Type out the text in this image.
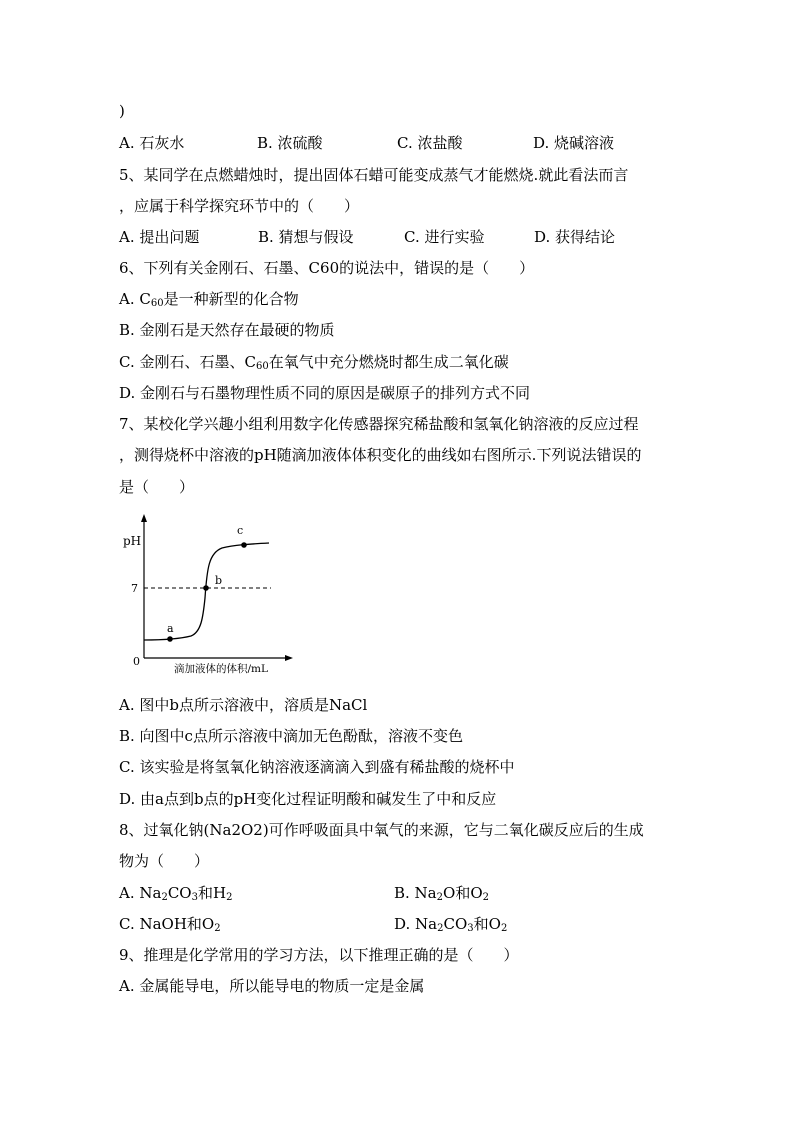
)
A. 石灰水	B. 浓硫酸	C. 浓盐酸	D. 烧碱溶液
5、某同学在点燃蜡烛时，提出固体石蜡可能变成蒸气才能燃烧.就此看法而言
，应属于科学探究环节中的（　　）
A. 提出问题	B. 猜想与假设	C. 进行实验	D. 获得结论
6、下列有关金刚石、石墨、C60的说法中，错误的是（　　）
A. $C_{60}$是一种新型的化合物
B. 金刚石是天然存在最硬的物质
C. 金刚石、石墨、$C_{60}$在氧气中充分燃烧时都生成二氧化碳
D. 金刚石与石墨物理性质不同的原因是碳原子的排列方式不同
7、某校化学兴趣小组利用数字化传感器探究稀盐酸和氢氧化钠溶液的反应过程
，测得烧杯中溶液的pH随滴加液体体积变化的曲线如右图所示.下列说法错误的
是（　　）
pH
0
7
a
b
c
滴加液体的体积/mL
A. 图中b点所示溶液中，溶质是NaCl
B. 向图中c点所示溶液中滴加无色酚酞，溶液不变色
C. 该实验是将氢氧化钠溶液逐滴滴入到盛有稀盐酸的烧杯中
D. 由a点到b点的pH变化过程证明酸和碱发生了中和反应
8、过氧化钠(Na2O2)可作呼吸面具中氧气的来源，它与二氧化碳反应后的生成
物为（　　）
A. $Na_2CO_3$和$H_2$	B. $Na_2O$和$O_2$
C. NaOH和$O_2$	D. $Na_2CO_3$和$O_2$
9、推理是化学常用的学习方法，以下推理正确的是（　　）
A. 金属能导电，所以能导电的物质一定是金属
